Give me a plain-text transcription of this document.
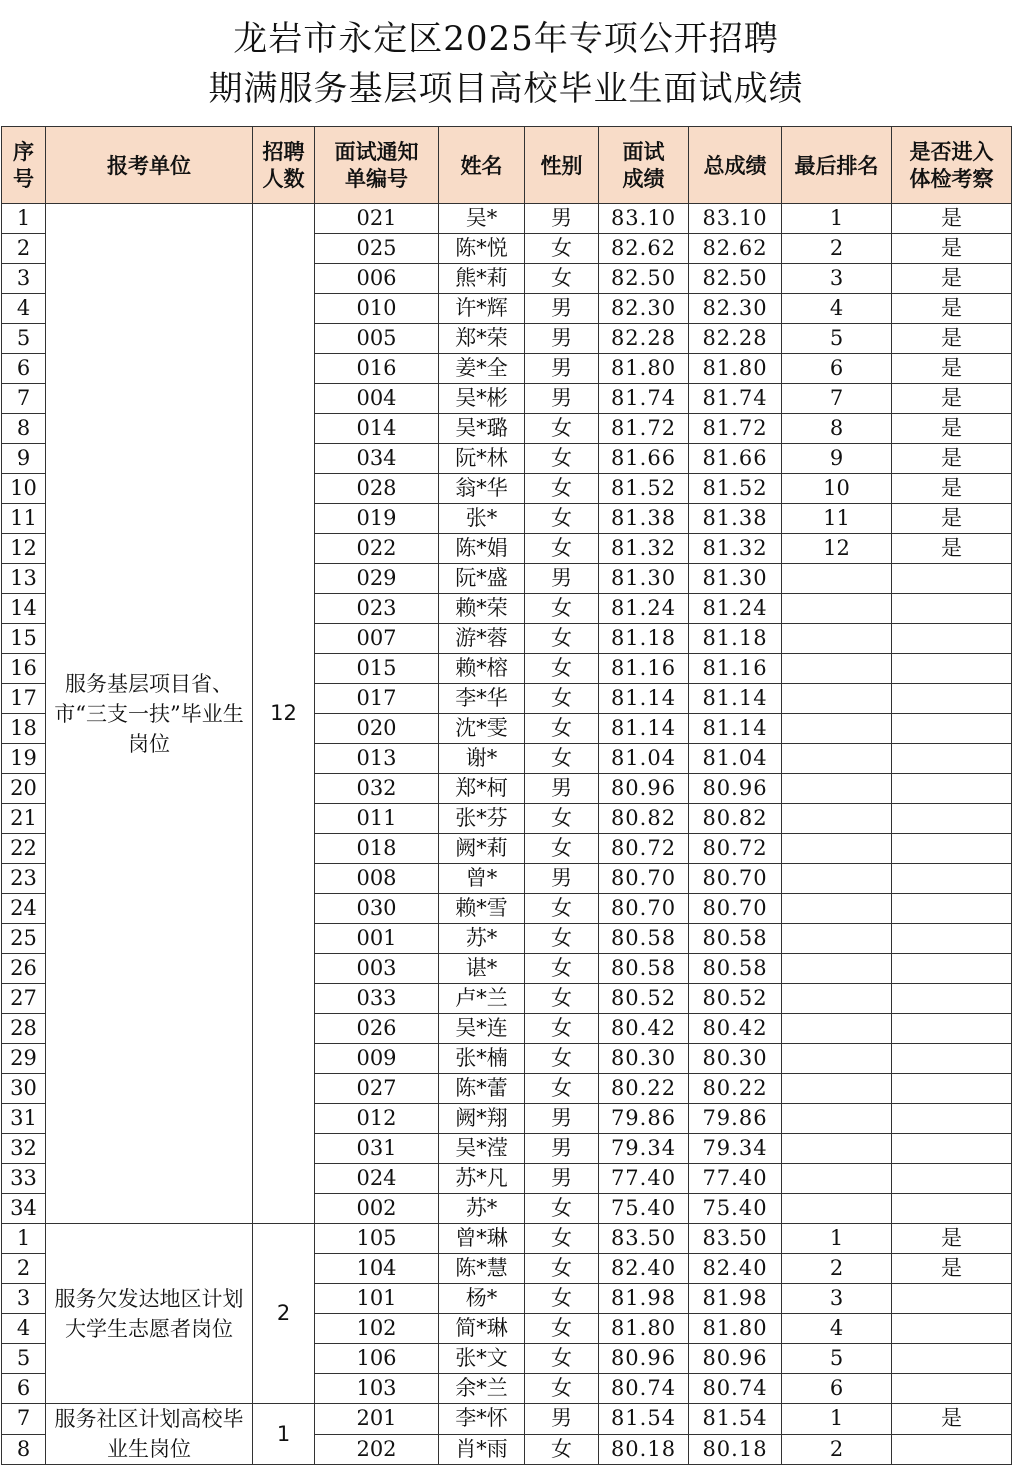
龙岩市永定区2025年专项公开招聘
期满服务基层项目高校毕业生面试成绩
序号	报考单位	招聘人数	面试通知单编号	姓名	性别	面试成绩	总成绩	最后排名	是否进入体检考察
1	服务基层项目省、市“三支一扶”毕业生岗位	12	021	吴*	男	83.10	83.10	1	是
2			025	陈*悦	女	82.62	82.62	2	是
3			006	熊*莉	女	82.50	82.50	3	是
4			010	许*辉	男	82.30	82.30	4	是
5			005	郑*荣	男	82.28	82.28	5	是
6			016	姜*全	男	81.80	81.80	6	是
7			004	吴*彬	男	81.74	81.74	7	是
8			014	吴*璐	女	81.72	81.72	8	是
9			034	阮*林	女	81.66	81.66	9	是
10			028	翁*华	女	81.52	81.52	10	是
11			019	张*	女	81.38	81.38	11	是
12			022	陈*娟	女	81.32	81.32	12	是
13			029	阮*盛	男	81.30	81.30		
14			023	赖*荣	女	81.24	81.24		
15			007	游*蓉	女	81.18	81.18		
16			015	赖*榕	女	81.16	81.16		
17			017	李*华	女	81.14	81.14		
18			020	沈*雯	女	81.14	81.14		
19			013	谢*	女	81.04	81.04		
20			032	郑*柯	男	80.96	80.96		
21			011	张*芬	女	80.82	80.82		
22			018	阙*莉	女	80.72	80.72		
23			008	曾*	男	80.70	80.70		
24			030	赖*雪	女	80.70	80.70		
25			001	苏*	女	80.58	80.58		
26			003	谌*	女	80.58	80.58		
27			033	卢*兰	女	80.52	80.52		
28			026	吴*连	女	80.42	80.42		
29			009	张*楠	女	80.30	80.30		
30			027	陈*蕾	女	80.22	80.22		
31			012	阙*翔	男	79.86	79.86		
32			031	吴*滢	男	79.34	79.34		
33			024	苏*凡	男	77.40	77.40		
34			002	苏*	女	75.40	75.40		
1	服务欠发达地区计划大学生志愿者岗位	2	105	曾*琳	女	83.50	83.50	1	是
2			104	陈*慧	女	82.40	82.40	2	是
3			101	杨*	女	81.98	81.98	3	
4			102	简*琳	女	81.80	81.80	4	
5			106	张*文	女	80.96	80.96	5	
6			103	余*兰	女	80.74	80.74	6	
7	服务社区计划高校毕业生岗位	1	201	李*怀	男	81.54	81.54	1	是
8			202	肖*雨	女	80.18	80.18	2	
